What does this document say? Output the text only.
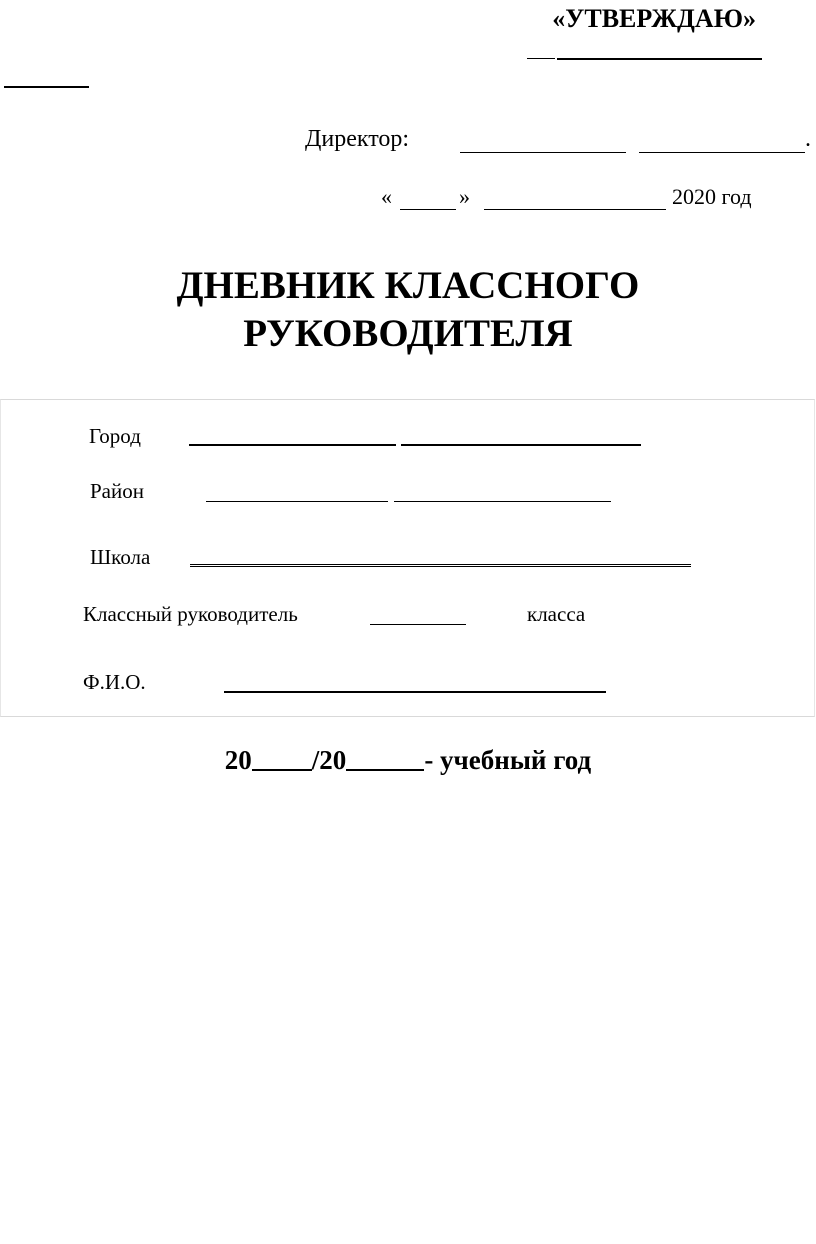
«УТВЕРЖДАЮ»
Директор:	.
«	»	2020 год
ДНЕВНИК КЛАССНОГО
РУКОВОДИТЕЛЯ
Город
Район
Школа
Классный руководитель	класса
Ф.И.О.
20 /20	- учебный год
